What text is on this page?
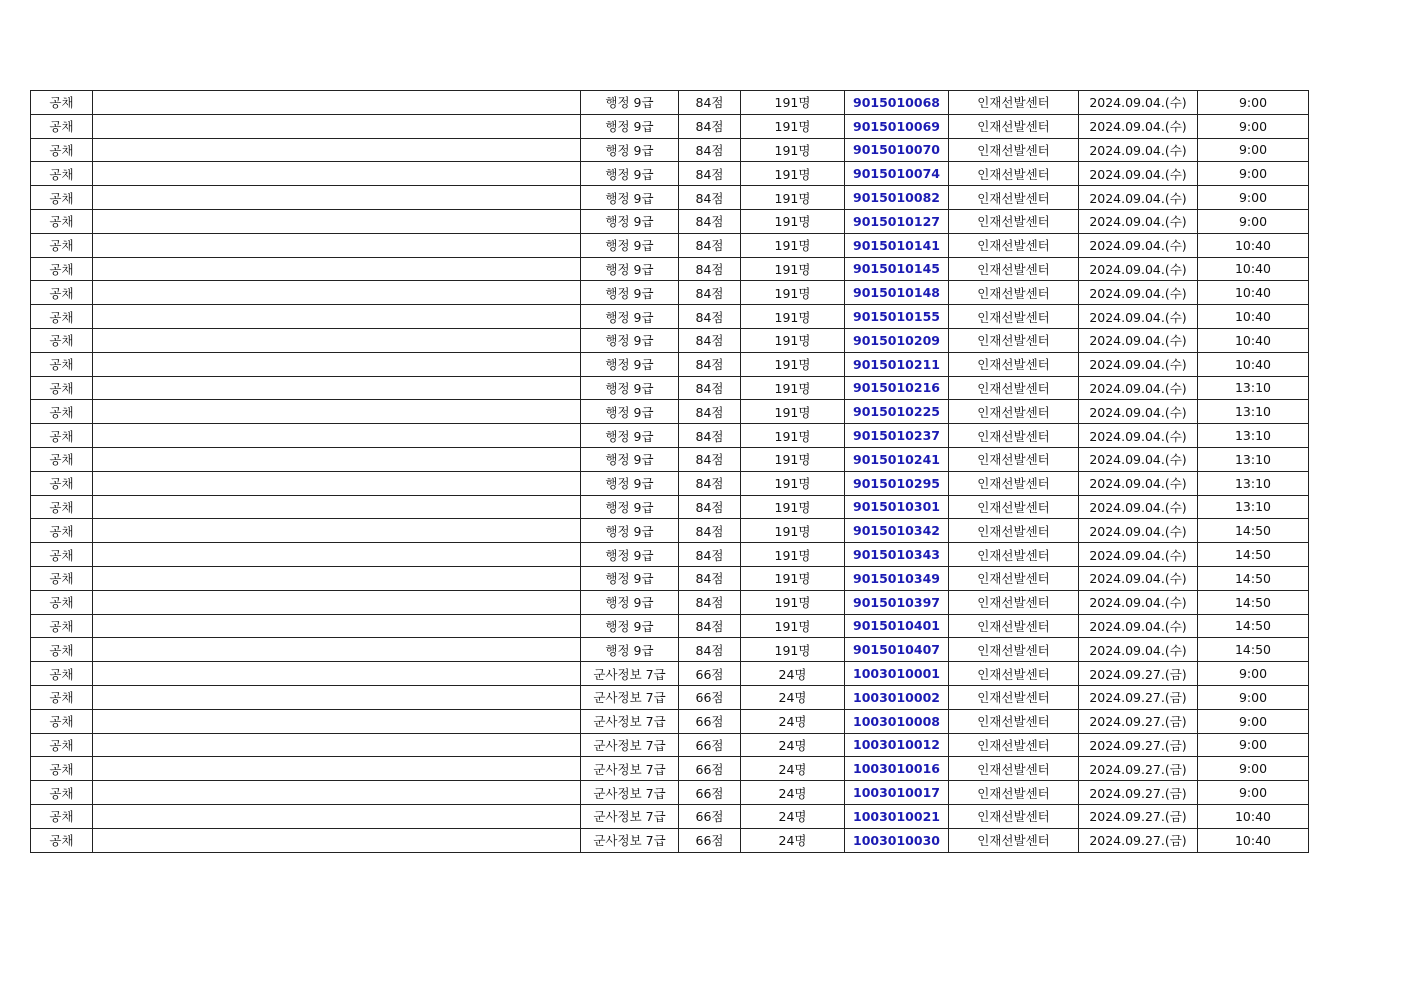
공채		행정 9급	84점	191명	9015010068	인재선발센터	2024.09.04.(수)	9:00
공채		행정 9급	84점	191명	9015010069	인재선발센터	2024.09.04.(수)	9:00
공채		행정 9급	84점	191명	9015010070	인재선발센터	2024.09.04.(수)	9:00
공채		행정 9급	84점	191명	9015010074	인재선발센터	2024.09.04.(수)	9:00
공채		행정 9급	84점	191명	9015010082	인재선발센터	2024.09.04.(수)	9:00
공채		행정 9급	84점	191명	9015010127	인재선발센터	2024.09.04.(수)	9:00
공채		행정 9급	84점	191명	9015010141	인재선발센터	2024.09.04.(수)	10:40
공채		행정 9급	84점	191명	9015010145	인재선발센터	2024.09.04.(수)	10:40
공채		행정 9급	84점	191명	9015010148	인재선발센터	2024.09.04.(수)	10:40
공채		행정 9급	84점	191명	9015010155	인재선발센터	2024.09.04.(수)	10:40
공채		행정 9급	84점	191명	9015010209	인재선발센터	2024.09.04.(수)	10:40
공채		행정 9급	84점	191명	9015010211	인재선발센터	2024.09.04.(수)	10:40
공채		행정 9급	84점	191명	9015010216	인재선발센터	2024.09.04.(수)	13:10
공채		행정 9급	84점	191명	9015010225	인재선발센터	2024.09.04.(수)	13:10
공채		행정 9급	84점	191명	9015010237	인재선발센터	2024.09.04.(수)	13:10
공채		행정 9급	84점	191명	9015010241	인재선발센터	2024.09.04.(수)	13:10
공채		행정 9급	84점	191명	9015010295	인재선발센터	2024.09.04.(수)	13:10
공채		행정 9급	84점	191명	9015010301	인재선발센터	2024.09.04.(수)	13:10
공채		행정 9급	84점	191명	9015010342	인재선발센터	2024.09.04.(수)	14:50
공채		행정 9급	84점	191명	9015010343	인재선발센터	2024.09.04.(수)	14:50
공채		행정 9급	84점	191명	9015010349	인재선발센터	2024.09.04.(수)	14:50
공채		행정 9급	84점	191명	9015010397	인재선발센터	2024.09.04.(수)	14:50
공채		행정 9급	84점	191명	9015010401	인재선발센터	2024.09.04.(수)	14:50
공채		행정 9급	84점	191명	9015010407	인재선발센터	2024.09.04.(수)	14:50
공채		군사정보 7급	66점	24명	1003010001	인재선발센터	2024.09.27.(금)	9:00
공채		군사정보 7급	66점	24명	1003010002	인재선발센터	2024.09.27.(금)	9:00
공채		군사정보 7급	66점	24명	1003010008	인재선발센터	2024.09.27.(금)	9:00
공채		군사정보 7급	66점	24명	1003010012	인재선발센터	2024.09.27.(금)	9:00
공채		군사정보 7급	66점	24명	1003010016	인재선발센터	2024.09.27.(금)	9:00
공채		군사정보 7급	66점	24명	1003010017	인재선발센터	2024.09.27.(금)	9:00
공채		군사정보 7급	66점	24명	1003010021	인재선발센터	2024.09.27.(금)	10:40
공채		군사정보 7급	66점	24명	1003010030	인재선발센터	2024.09.27.(금)	10:40
